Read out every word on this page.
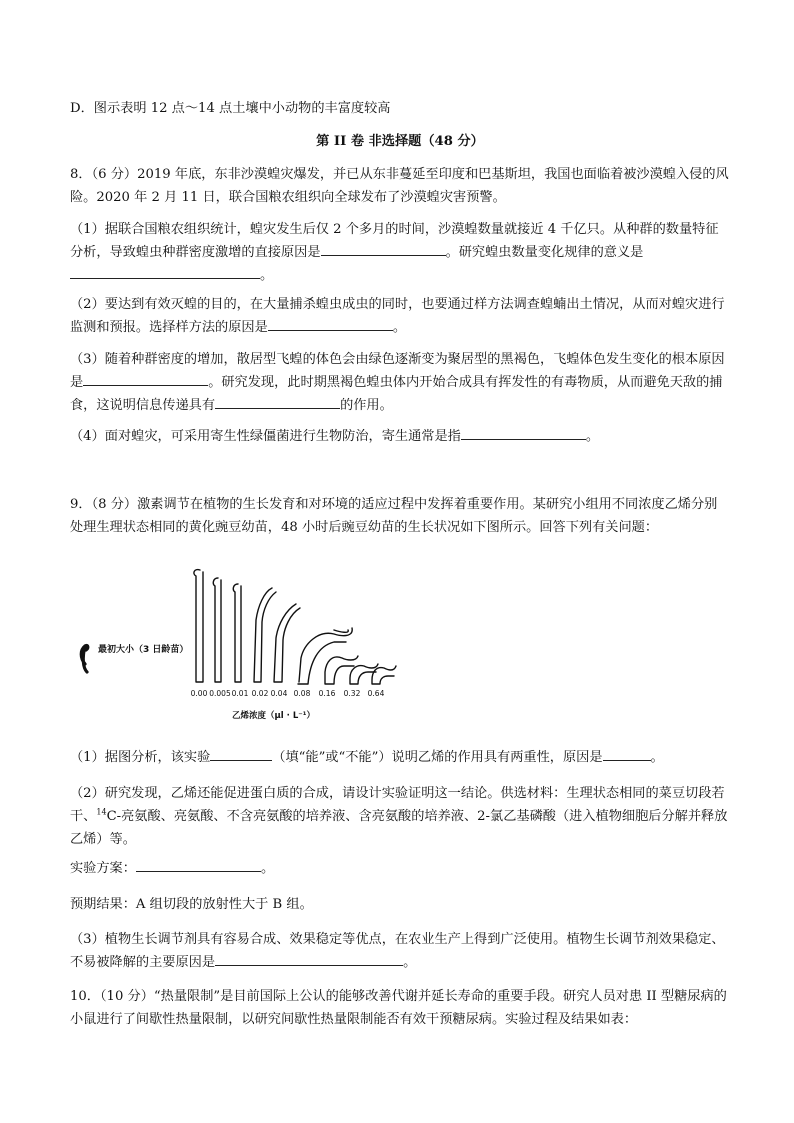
D．图示表明 12 点～14 点土壤中小动物的丰富度较高

第 II 卷 非选择题（48 分）

8．（6 分）2019 年底，东非沙漠蝗灾爆发，并已从东非蔓延至印度和巴基斯坦，我国也面临着被沙漠蝗入侵的风险。2020 年 2 月 11 日，联合国粮农组织向全球发布了沙漠蝗灾害预警。

（1）据联合国粮农组织统计，蝗灾发生后仅 2 个多月的时间，沙漠蝗数量就接近 4 千亿只。从种群的数量特征分析，导致蝗虫种群密度激增的直接原因是	。研究蝗虫数量变化规律的意义是
。

（2）要达到有效灭蝗的目的，在大量捕杀蝗虫成虫的同时，也要通过样方法调查蝗蝻出土情况，从而对蝗灾进行监测和预报。选择样方法的原因是	。

（3）随着种群密度的增加，散居型飞蝗的体色会由绿色逐渐变为聚居型的黑褐色，飞蝗体色发生变化的根本原因是	。研究发现，此时期黑褐色蝗虫体内开始合成具有挥发性的有毒物质，从而避免天敌的捕食，这说明信息传递具有	的作用。

（4）面对蝗灾，可采用寄生性绿僵菌进行生物防治，寄生通常是指	。

9．（8 分）激素调节在植物的生长发育和对环境的适应过程中发挥着重要作用。某研究小组用不同浓度乙烯分别处理生理状态相同的黄化豌豆幼苗，48 小时后豌豆幼苗的生长状况如下图所示。回答下列有关问题：

最初大小（3 日龄苗）
0.00 0.005 0.01 0.02 0.04 0.08 0.16 0.32 0.64
乙烯浓度（μl · L⁻¹）

（1）据图分析，该实验	（填“能”或“不能”）说明乙烯的作用具有两重性，原因是	。

（2）研究发现，乙烯还能促进蛋白质的合成，请设计实验证明这一结论。供选材料：生理状态相同的菜豆切段若干、$^{14}$C-亮氨酸、亮氨酸、不含亮氨酸的培养液、含亮氨酸的培养液、2-氯乙基磷酸（进入植物细胞后分解并释放乙烯）等。

实验方案：	。

预期结果：A 组切段的放射性大于 B 组。

（3）植物生长调节剂具有容易合成、效果稳定等优点，在农业生产上得到广泛使用。植物生长调节剂效果稳定、不易被降解的主要原因是	。

10．（10 分）“热量限制”是目前国际上公认的能够改善代谢并延长寿命的重要手段。研究人员对患 II 型糖尿病的小鼠进行了间歇性热量限制，以研究间歇性热量限制能否有效干预糖尿病。实验过程及结果如表：
